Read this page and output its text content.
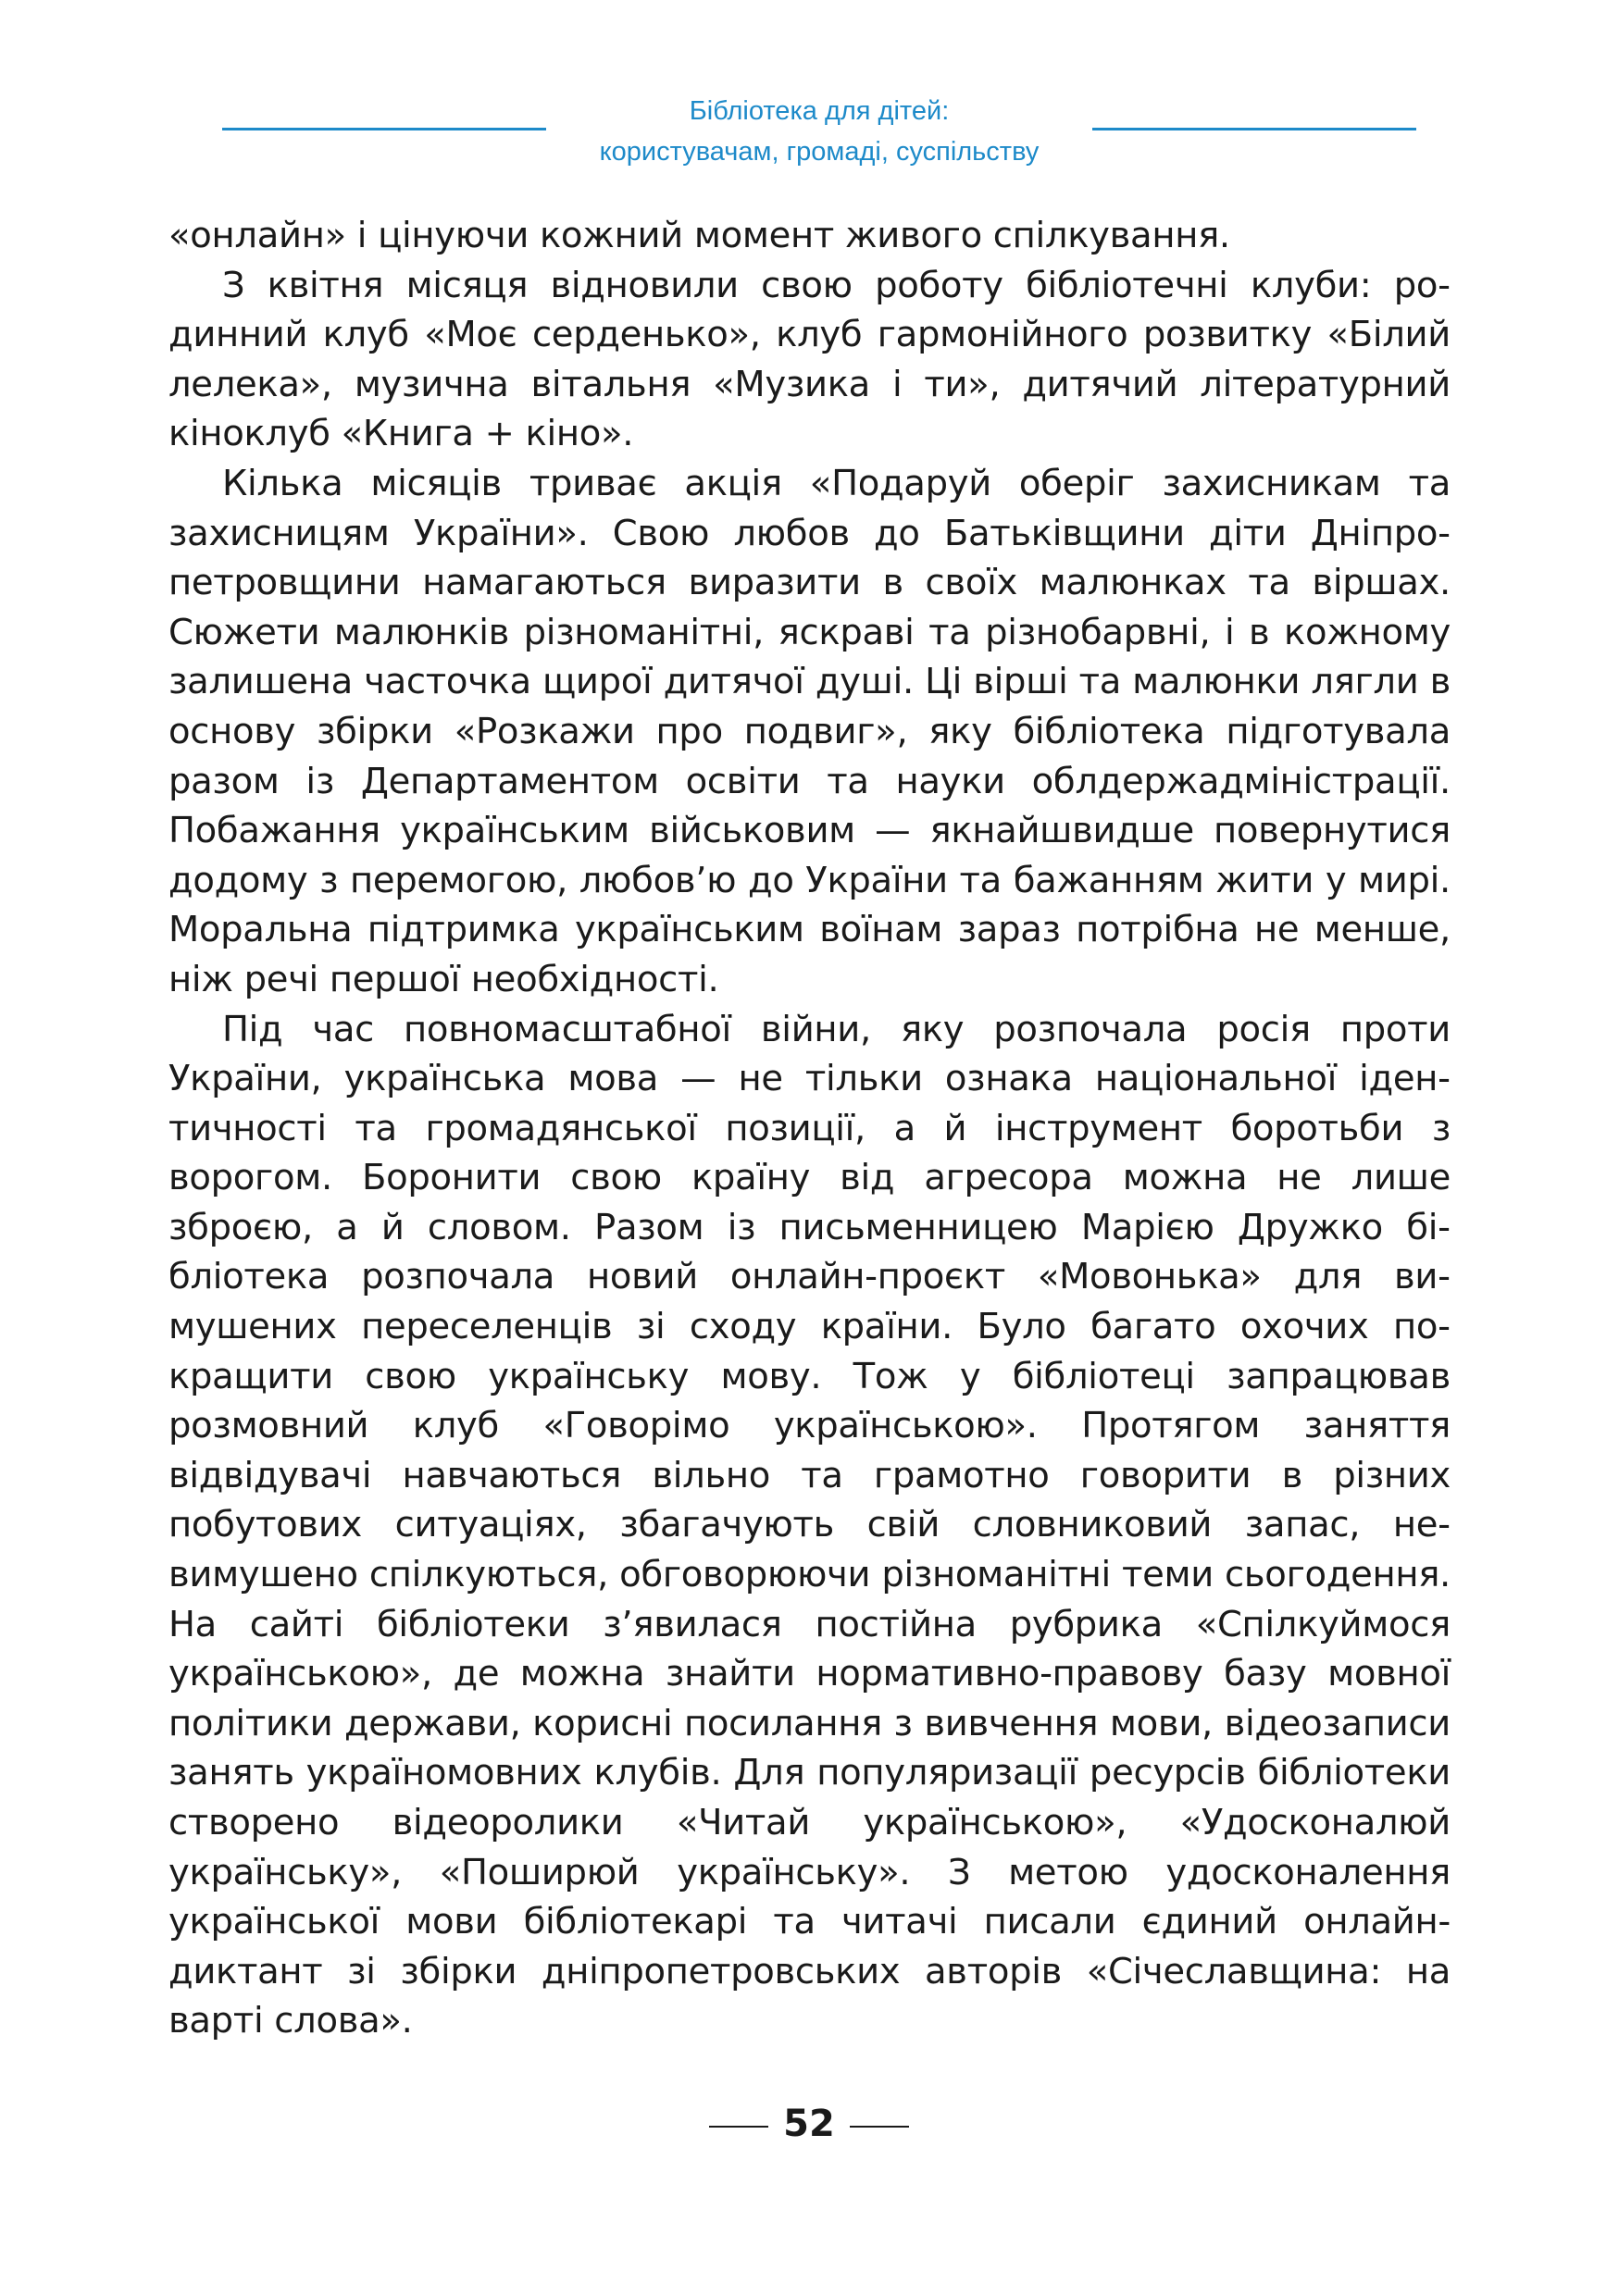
Бібліотека для дітей:
користувачам, громаді, суспільству

«онлайн» і цінуючи кожний момент живого спілкування.

З квітня місяця відновили свою роботу бібліотечні клуби: родинний клуб «Моє серденько», клуб гармонійного розвитку «Білий лелека», музична вітальня «Музика і ти», дитячий літературний кіноклуб «Книга + кіно».

Кілька місяців триває акція «Подаруй оберіг захисникам та захисницям України». Свою любов до Батьківщини діти Дніпропетровщини намагаються виразити в своїх малюнках та віршах. Сюжети малюнків різноманітні, яскраві та різнобарвні, і в кожному залишена часточка щирої дитячої душі. Ці вірші та малюнки лягли в основу збірки «Розкажи про подвиг», яку бібліотека підготувала разом із Департаментом освіти та науки облдержадміністрації. Побажання українським військовим — якнайшвидше повернутися додому з перемогою, любов’ю до України та бажанням жити у мирі. Моральна підтримка українським воїнам зараз потрібна не менше, ніж речі першої необхідності.

Під час повномасштабної війни, яку розпочала росія проти України, українська мова — не тільки ознака національної ідентичності та громадянської позиції, а й інструмент боротьби з ворогом. Боронити свою країну від агресора можна не лише зброєю, а й словом. Разом із письменницею Марією Дружко бібліотека розпочала новий онлайн-проєкт «Мовонька» для вимушених переселенців зі сходу країни. Було багато охочих покращити свою українську мову. Тож у бібліотеці запрацював розмовний клуб «Говорімо українською». Протягом заняття відвідувачі навчаються вільно та грамотно говорити в різних побутових ситуаціях, збагачують свій словниковий запас, невимушено спілкуються, обговорюючи різноманітні теми сьогодення. На сайті бібліотеки з’явилася постійна рубрика «Спілкуймося українською», де можна знайти нормативно-правову базу мовної політики держави, корисні посилання з вивчення мови, відеозаписи занять україномовних клубів. Для популяризації ресурсів бібліотеки створено відеоролики «Читай українською», «Удосконалюй українську», «Поширюй українську». З метою удосконалення української мови бібліотекарі та читачі писали єдиний онлайн-диктант зі збірки дніпропетровських авторів «Січеславщина: на варті слова».

52
